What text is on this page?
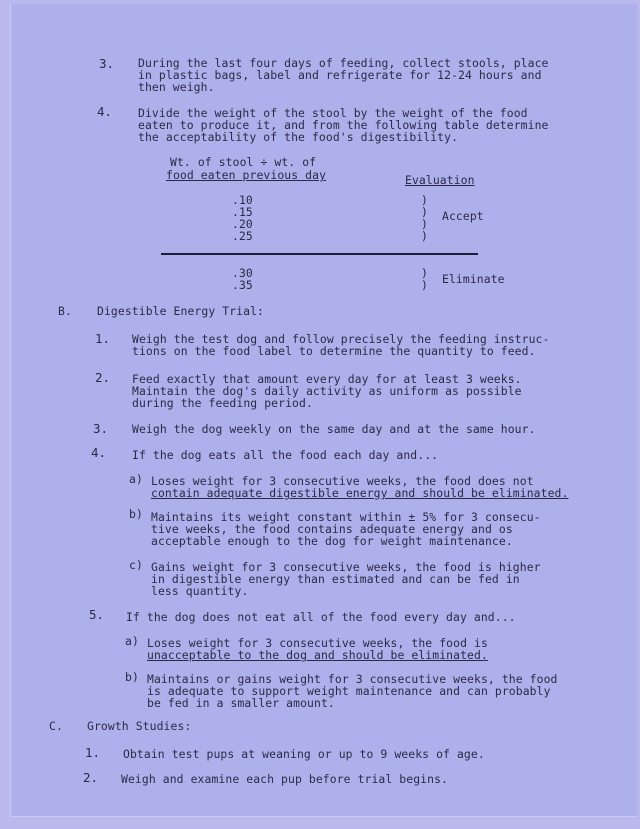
3. During the last four days of feeding, collect stools, place
in plastic bags, label and refrigerate for 12-24 hours and
then weigh.
4. Divide the weight of the stool by the weight of the food
eaten to produce it, and from the following table determine
the acceptability of the food's digestibility.
Wt. of stool ÷ wt. of
food eaten previous day	Evaluation
.10
.15
.20
.25
)
)
)
)
Accept
.30
.35
)
) Eliminate
B. Digestible Energy Trial:
1. Weigh the test dog and follow precisely the feeding instruc-
tions on the food label to determine the quantity to feed.
2. Feed exactly that amount every day for at least 3 weeks.
Maintain the dog's daily activity as uniform as possible
during the feeding period.
3. Weigh the dog weekly on the same day and at the same hour.
4. If the dog eats all the food each day and...
a) Loses weight for 3 consecutive weeks, the food does not
contain adequate digestible energy and should be eliminated.
b) Maintains its weight constant within ± 5% for 3 consecu-
tive weeks, the food contains adequate energy and os
acceptable enough to the dog for weight maintenance.
c) Gains weight for 3 consecutive weeks, the food is higher
in digestible energy than estimated and can be fed in
less quantity.
5. If the dog does not eat all of the food every day and...
a) Loses weight for 3 consecutive weeks, the food is
unacceptable to the dog and should be eliminated.
b) Maintains or gains weight for 3 consecutive weeks, the food
is adequate to support weight maintenance and can probably
be fed in a smaller amount.
C. Growth Studies:
1. Obtain test pups at weaning or up to 9 weeks of age.
2. Weigh and examine each pup before trial begins.
